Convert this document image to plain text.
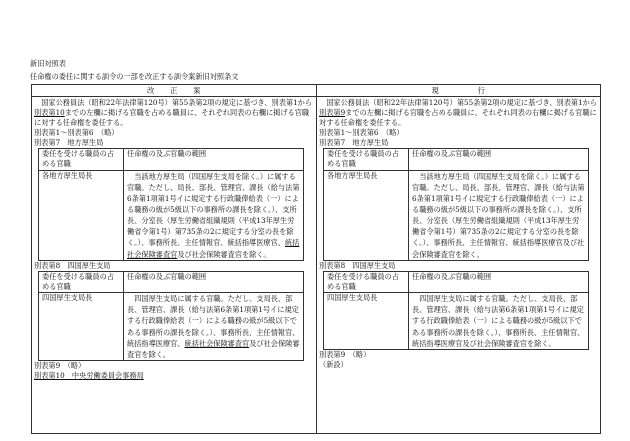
新旧対照表
任命権の委任に関する訓令の一部を改正する訓令案新旧対照条文
改　　正　　案	現　　　　　行

国家公務員法（昭和22年法律第120号）第55条第2項の規定に基づき、別表第1から別表第10までの左欄に掲げる官職を占める職員に、それぞれ同表の右欄に掲げる官職に対する任命権を委任する。

別表第1～別表第6　（略）

別表第7　地方厚生局

委任を受ける職員の占める官職	任命権の及ぶ官職の範囲
各地方厚生局長	当該地方厚生局（四国厚生支局を除く。）に属する官職。ただし、局長、部長、管理官、課長（給与法第6条第1項第1号イに規定する行政職俸給表（一）による職務の級が5級以下の事務所の課長を除く。）、支所長、分室長（厚生労働省組織規則（平成13年厚生労働省令第1号）第735条の2に規定する分室の長を除く。）、事務所長、主任情報官、統括指導医療官、統括社会保険審査官及び社会保険審査官を除く。

別表第8　四国厚生支局

委任を受ける職員の占める官職	任命権の及ぶ官職の範囲
四国厚生支局長	四国厚生支局に属する官職。ただし、支局長、部長、管理官、課長（給与法第6条第1項第1号イに規定する行政職俸給表（一）による職務の級が5級以下である事務所の課長を除く。）、事務所長、主任情報官、統括指導医療官、統括社会保険審査官及び社会保険審査官を除く。

別表第9　（略）

別表第10　中央労働委員会事務局

国家公務員法（昭和22年法律第120号）第55条第2項の規定に基づき、別表第1から別表第9までの左欄に掲げる官職を占める職員に、それぞれ同表の右欄に掲げる官職に対する任命権を委任する。

別表第1～別表第6　（略）

別表第7　地方厚生局

委任を受ける職員の占める官職	任命権の及ぶ官職の範囲
各地方厚生局長	当該地方厚生局（四国厚生支局を除く。）に属する官職。ただし、局長、部長、管理官、課長（給与法第6条第1項第1号イに規定する行政職俸給表（一）による職務の級が5級以下の事務所の課長を除く。）、支所長、分室長（厚生労働省組織規則（平成13年厚生労働省令第1号）第735条の2に規定する分室の長を除く。）、事務所長、主任情報官、統括指導医療官及び社会保険審査官を除く。

別表第8　四国厚生支局

委任を受ける職員の占める官職	任命権の及ぶ官職の範囲
四国厚生支局長	四国厚生支局に属する官職。ただし、支局長、部長、管理官、課長（給与法第6条第1項第1号イに規定する行政職俸給表（一）による職務の級が5級以下である事務所の課長を除く。）、事務所長、主任情報官、統括指導医療官及び社会保険審査官を除く。

別表第9　（略）

（新設）
